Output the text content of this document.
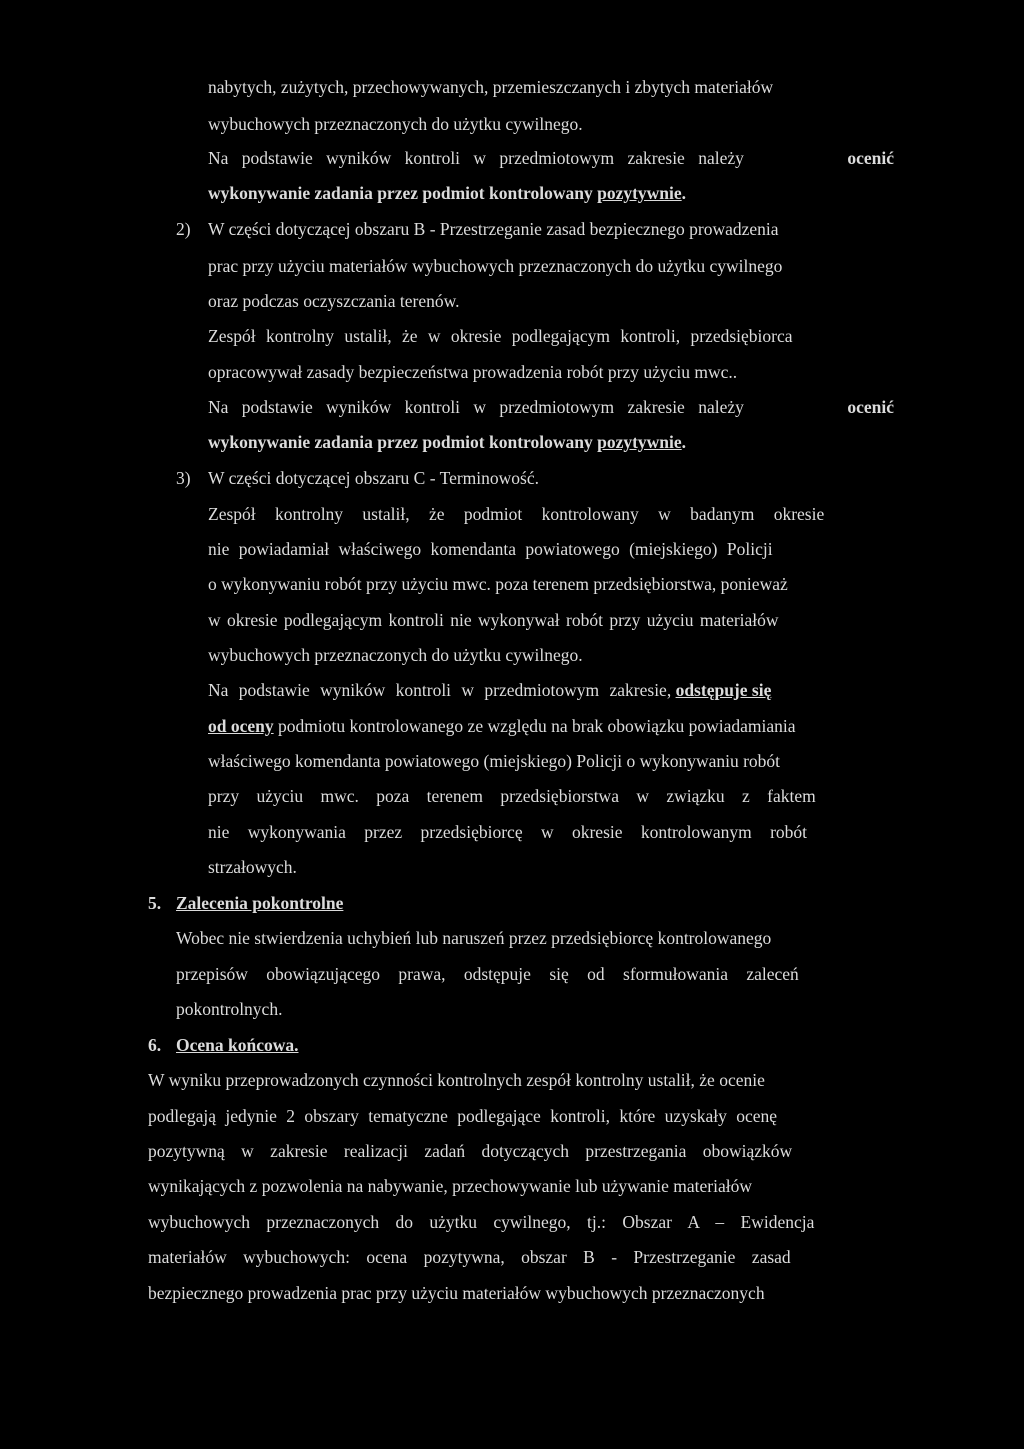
nabytych, zużytych, przechowywanych, przemieszczanych i zbytych materiałów

wybuchowych przeznaczonych do użytku cywilnego.

Na podstawie wyników kontroli w przedmiotowym zakresie należy	ocenić

wykonywanie zadania przez podmiot kontrolowany pozytywnie.

2) W części dotyczącej obszaru B - Przestrzeganie zasad bezpiecznego prowadzenia

prac przy użyciu materiałów wybuchowych przeznaczonych do użytku cywilnego

oraz podczas oczyszczania terenów.

Zespół kontrolny ustalił, że w okresie podlegającym kontroli, przedsiębiorca

opracowywał zasady bezpieczeństwa prowadzenia robót przy użyciu mwc..

Na podstawie wyników kontroli w przedmiotowym zakresie należy	ocenić

wykonywanie zadania przez podmiot kontrolowany pozytywnie.

3) W części dotyczącej obszaru C - Terminowość.

Zespół kontrolny ustalił, że podmiot kontrolowany w badanym okresie

nie powiadamiał właściwego komendanta powiatowego (miejskiego) Policji

o wykonywaniu robót przy użyciu mwc. poza terenem przedsiębiorstwa, ponieważ

w okresie podlegającym kontroli nie wykonywał robót przy użyciu materiałów

wybuchowych przeznaczonych do użytku cywilnego.

Na podstawie wyników kontroli w przedmiotowym zakresie, odstępuje się

od oceny podmiotu kontrolowanego ze względu na brak obowiązku powiadamiania

właściwego komendanta powiatowego (miejskiego) Policji o wykonywaniu robót

przy użyciu mwc. poza terenem przedsiębiorstwa w związku z faktem

nie wykonywania przez przedsiębiorcę w okresie kontrolowanym robót

strzałowych.

5. Zalecenia pokontrolne

Wobec nie stwierdzenia uchybień lub naruszeń przez przedsiębiorcę kontrolowanego

przepisów obowiązującego prawa, odstępuje się od sformułowania zaleceń

pokontrolnych.

6. Ocena końcowa.

W wyniku przeprowadzonych czynności kontrolnych zespół kontrolny ustalił, że ocenie

podlegają jedynie 2 obszary tematyczne podlegające kontroli, które uzyskały ocenę

pozytywną w zakresie realizacji zadań dotyczących przestrzegania obowiązków

wynikających z pozwolenia na nabywanie, przechowywanie lub używanie materiałów

wybuchowych przeznaczonych do użytku cywilnego, tj.: Obszar A – Ewidencja

materiałów wybuchowych: ocena pozytywna, obszar B - Przestrzeganie zasad

bezpiecznego prowadzenia prac przy użyciu materiałów wybuchowych przeznaczonych
